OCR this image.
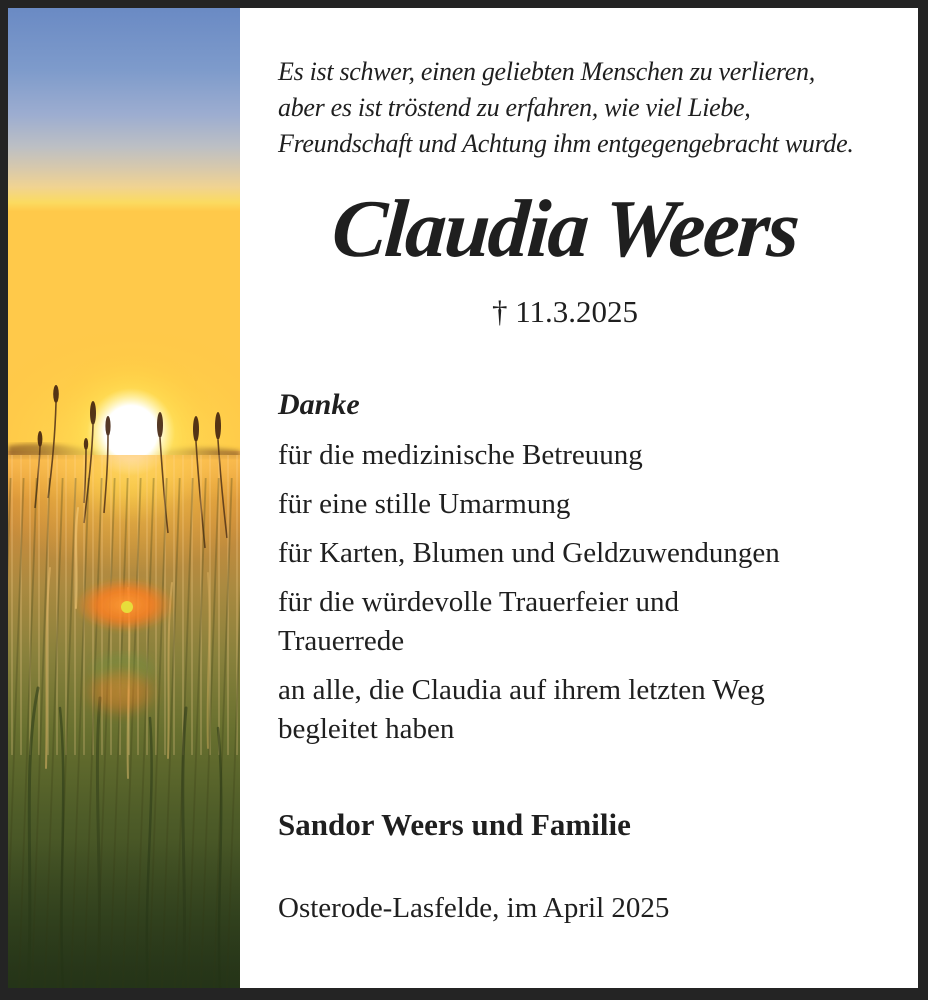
Es ist schwer, einen geliebten Menschen zu verlieren,
aber es ist tröstend zu erfahren, wie viel Liebe,
Freundschaft und Achtung ihm entgegengebracht wurde.
Claudia Weers
† 11.3.2025
Danke

für die medizinische Betreuung

für eine stille Umarmung

für Karten, Blumen und Geldzuwendungen

für die würdevolle Trauerfeier und Trauerrede

an alle, die Claudia auf ihrem letzten Weg begleitet haben

Sandor Weers und Familie
Osterode-Lasfelde, im April 2025
